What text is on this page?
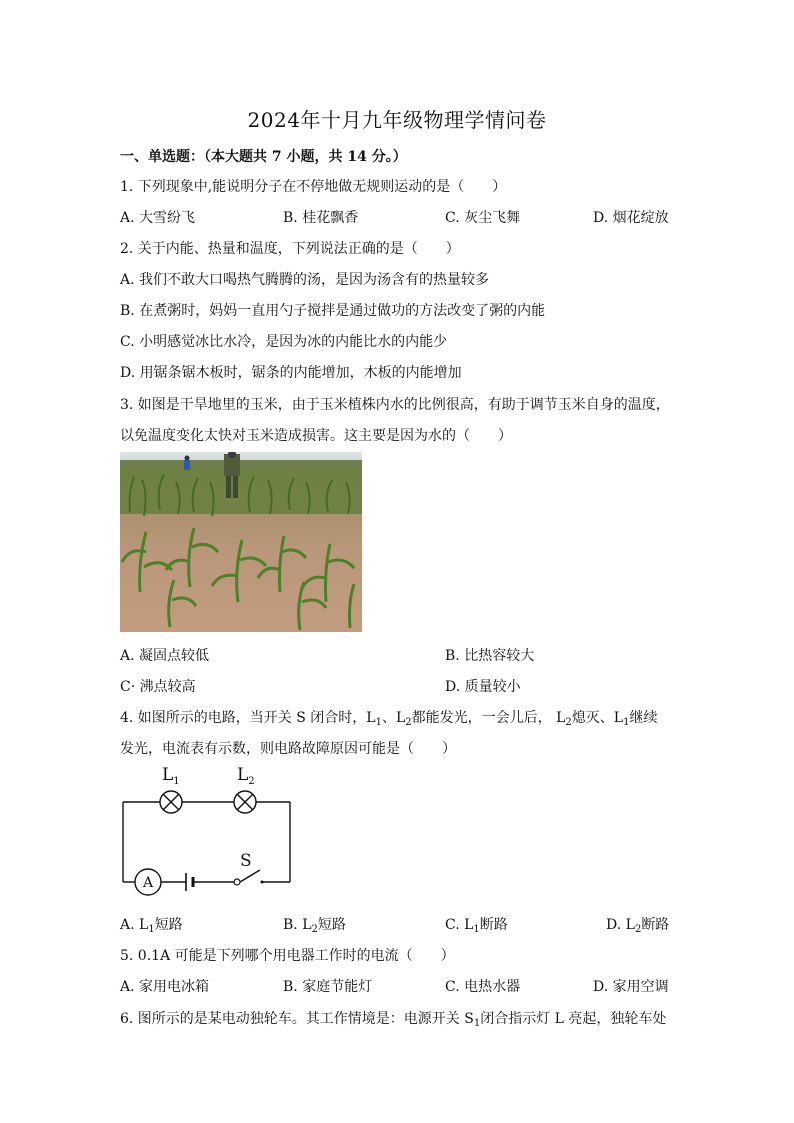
2024年十月九年级物理学情问卷
一、单选题：（本大题共 7 小题，共 14 分。）
1. 下列现象中,能说明分子在不停地做无规则运动的是（　　）
A. 大雪纷飞	B. 桂花飘香	C. 灰尘飞舞	D. 烟花绽放
2. 关于内能、热量和温度，下列说法正确的是（　　）
A. 我们不敢大口喝热气腾腾的汤，是因为汤含有的热量较多
B. 在煮粥时，妈妈一直用勺子搅拌是通过做功的方法改变了粥的内能
C. 小明感觉冰比水冷，是因为冰的内能比水的内能少
D. 用锯条锯木板时，锯条的内能增加，木板的内能增加
3. 如图是干旱地里的玉米，由于玉米植株内水的比例很高，有助于调节玉米自身的温度，
以免温度变化太快对玉米造成损害。这主要是因为水的（　　）
A. 凝固点较低	B. 比热容较大
C· 沸点较高	D. 质量较小
4. 如图所示的电路，当开关 S 闭合时，$L_1$、$L_2$都能发光，一会儿后， $L_2$熄灭、$L_1$继续
发光，电流表有示数，则电路故障原因可能是（　　）
A
$L_1$	$L_2$
S
A. $L_1$短路	B. $L_2$短路	C. $L_1$断路	D. $L_2$断路
5. 0.1A 可能是下列哪个用电器工作时的电流（　　）
A. 家用电冰箱	B. 家庭节能灯	C. 电热水器	D. 家用空调
6. 图所示的是某电动独轮车。其工作情境是：电源开关 $S_1$闭合指示灯 L 亮起，独轮车处
